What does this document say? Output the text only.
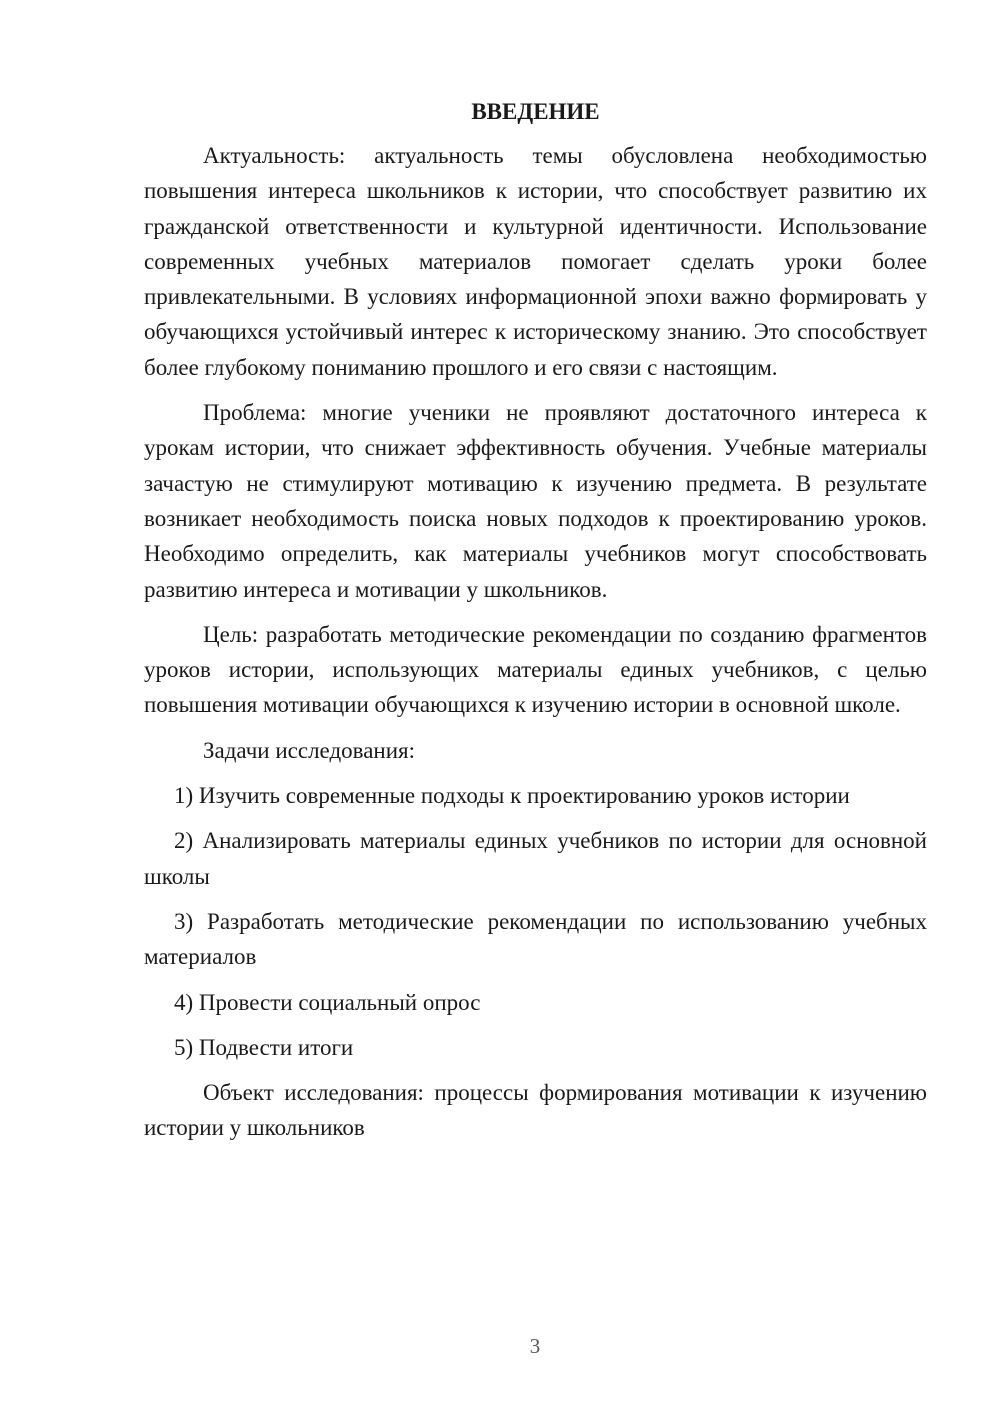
ВВЕДЕНИЕ

Актуальность: актуальность темы обусловлена необходимостью повышения интереса школьников к истории, что способствует развитию их гражданской ответственности и культурной идентичности. Использование современных учебных материалов помогает сделать уроки более привлекательными. В условиях информационной эпохи важно формировать у обучающихся устойчивый интерес к историческому знанию. Это способствует более глубокому пониманию прошлого и его связи с настоящим.

Проблема: многие ученики не проявляют достаточного интереса к урокам истории, что снижает эффективность обучения. Учебные материалы зачастую не стимулируют мотивацию к изучению предмета. В результате возникает необходимость поиска новых подходов к проектированию уроков. Необходимо определить, как материалы учебников могут способствовать развитию интереса и мотивации у школьников.

Цель: разработать методические рекомендации по созданию фрагментов уроков истории, использующих материалы единых учебников, с целью повышения мотивации обучающихся к изучению истории в основной школе.

Задачи исследования:

1) Изучить современные подходы к проектированию уроков истории

2) Анализировать материалы единых учебников по истории для основной школы

3) Разработать методические рекомендации по использованию учебных материалов

4) Провести социальный опрос

5) Подвести итоги

Объект исследования: процессы формирования мотивации к изучению истории у школьников

3
